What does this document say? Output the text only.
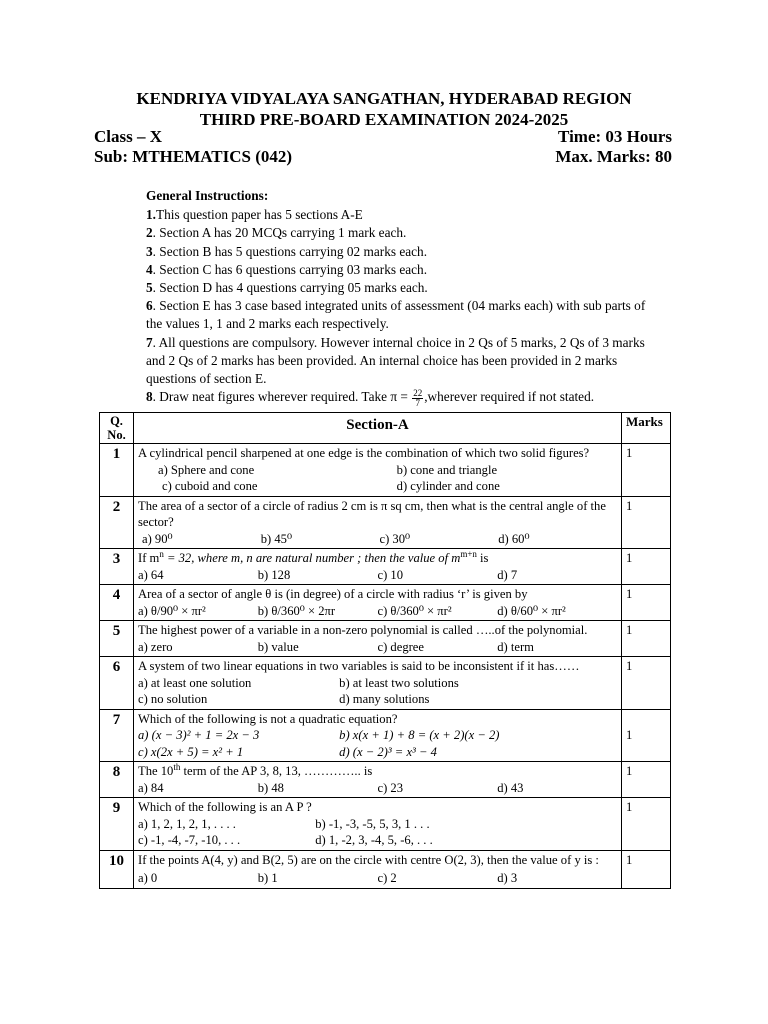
KENDRIYA VIDYALAYA SANGATHAN, HYDERABAD REGION
THIRD PRE-BOARD EXAMINATION 2024-2025
Class – X	Time: 03 Hours
Sub: MTHEMATICS (042)	Max. Marks: 80
General Instructions:
1.This question paper has 5 sections A-E
2. Section A has 20 MCQs carrying 1 mark each.
3. Section B has 5 questions carrying 02 marks each.
4. Section C has 6 questions carrying 03 marks each.
5. Section D has 4 questions carrying 05 marks each.
6. Section E has 3 case based integrated units of assessment (04 marks each) with sub parts of the values 1, 1 and 2 marks each respectively.
7. All questions are compulsory. However internal choice in 2 Qs of 5 marks, 2 Qs of 3 marks and 2 Qs of 2 marks has been provided. An internal choice has been provided in 2 marks questions of section E.
8. Draw neat figures wherever required. Take $\pi = \frac{22}{7}$ ,wherever required if not stated.
Q. No.	Section-A	Marks
1	A cylindrical pencil sharpened at one edge is the combination of which two solid figures?
a) Sphere and cone b) cone and triangle
c) cuboid and cone d) cylinder and cone	1
2	The area of a sector of a circle of radius 2 cm is π sq cm, then what is the central angle of the sector?
a) 90⁰ b) 45⁰ c) 30⁰ d) 60⁰	1
3	If $m^n = 32$, where m, n are natural number ; then the value of $m^{m+n}$ is
a) 64 b) 128 c) 10 d) 7	1
4	Area of a sector of angle θ is (in degree) of a circle with radius ‘r’ is given by
a) θ/90⁰ × πr² b) θ/360⁰ × 2πr c) θ/360⁰ × πr² d) θ/60⁰ × πr²	1
5	The highest power of a variable in a non-zero polynomial is called …..of the polynomial.
a) zero b) value c) degree d) term	1
6	A system of two linear equations in two variables is said to be inconsistent if it has……
a) at least one solution b) at least two solutions
c) no solution d) many solutions	1
7	Which of the following is not a quadratic equation?
a) (x − 3)² + 1 = 2x − 3 b) x(x + 1) + 8 = (x + 2)(x − 2)
c) x(2x + 5) = x² + 1 d) (x − 2)³ = x³ − 4	1
8	The 10th term of the AP 3, 8, 13, ………….. is
a) 84 b) 48 c) 23 d) 43	1
9	Which of the following is an A P ?
a) 1, 2, 1, 2, 1, . . . . b) -1, -3, -5, 5, 3, 1 . . .
c) -1, -4, -7, -10, . . . d) 1, -2, 3, -4, 5, -6, . . .	1
10	If the points A(4, y) and B(2, 5) are on the circle with centre O(2, 3), then the value of y is :
a) 0 b) 1 c) 2 d) 3	1
